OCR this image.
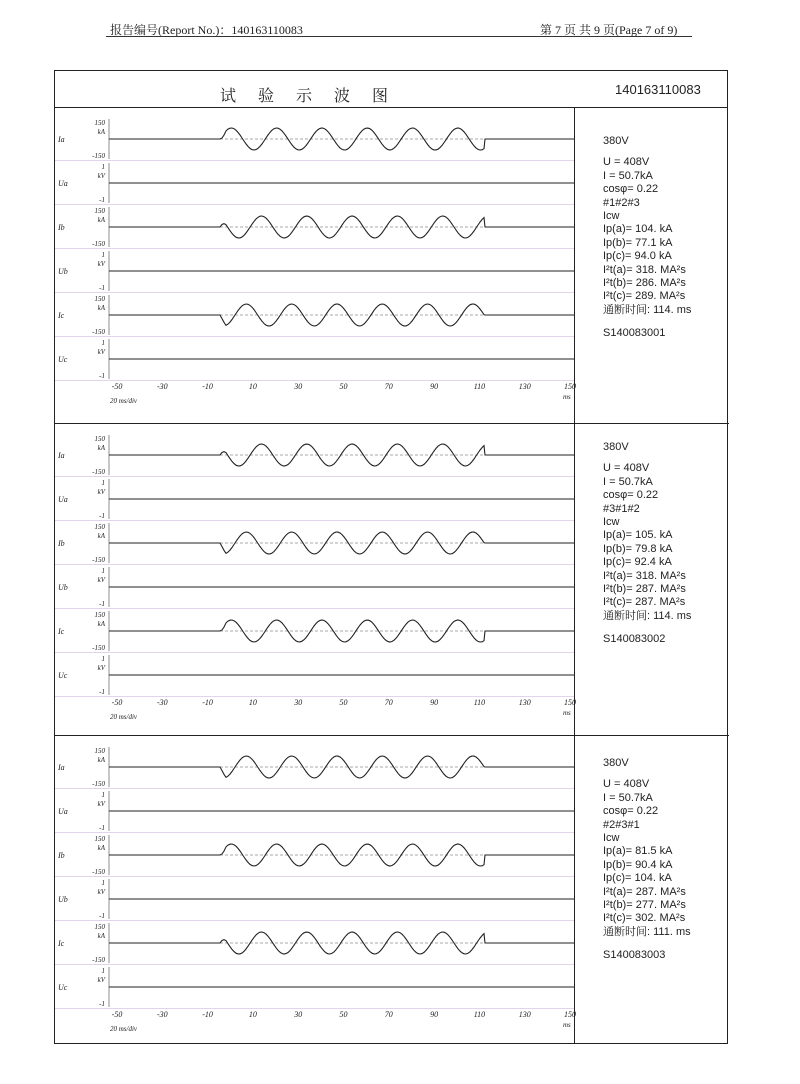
报告编号(Report No.)：140163110083	第 7 页 共 9 页(Page 7 of 9)
试验示波图	140163110083
150
kA
-150
Ia
1
kV
-1
Ua
150
kA
-150
Ib
1
kV
-1
Ub
150
kA
-150
Ic
1
kV
-1
Uc
-50	-30	-10	10	30	50	70	90	110	130	150
20 ms/div	ms
150
kA
-150
Ia
1
kV
-1
Ua
150
kA
-150
Ib
1
kV
-1
Ub
150
kA
-150
Ic
1
kV
-1
Uc
-50	-30	-10	10	30	50	70	90	110	130	150
20 ms/div	ms
150
kA
-150
Ia
1
kV
-1
Ua
150
kA
-150
Ib
1
kV
-1
Ub
150
kA
-150
Ic
1
kV
-1
Uc
-50	-30	-10	10	30	50	70	90	110	130	150
20 ms/div	ms
380V
U = 408V
I = 50.7kA
cosφ= 0.22
#1#2#3
Icw
Ip(a)= 104. kA
Ip(b)= 77.1 kA
Ip(c)= 94.0 kA
I²t(a)= 318. MA²s
I²t(b)= 286. MA²s
I²t(c)= 289. MA²s
通断时间: 114. ms
S140083001
380V
U = 408V
I = 50.7kA
cosφ= 0.22
#3#1#2
Icw
Ip(a)= 105. kA
Ip(b)= 79.8 kA
Ip(c)= 92.4 kA
I²t(a)= 318. MA²s
I²t(b)= 287. MA²s
I²t(c)= 287. MA²s
通断时间: 114. ms
S140083002
380V
U = 408V
I = 50.7kA
cosφ= 0.22
#2#3#1
Icw
Ip(a)= 81.5 kA
Ip(b)= 90.4 kA
Ip(c)= 104. kA
I²t(a)= 287. MA²s
I²t(b)= 277. MA²s
I²t(c)= 302. MA²s
通断时间: 111. ms
S140083003
